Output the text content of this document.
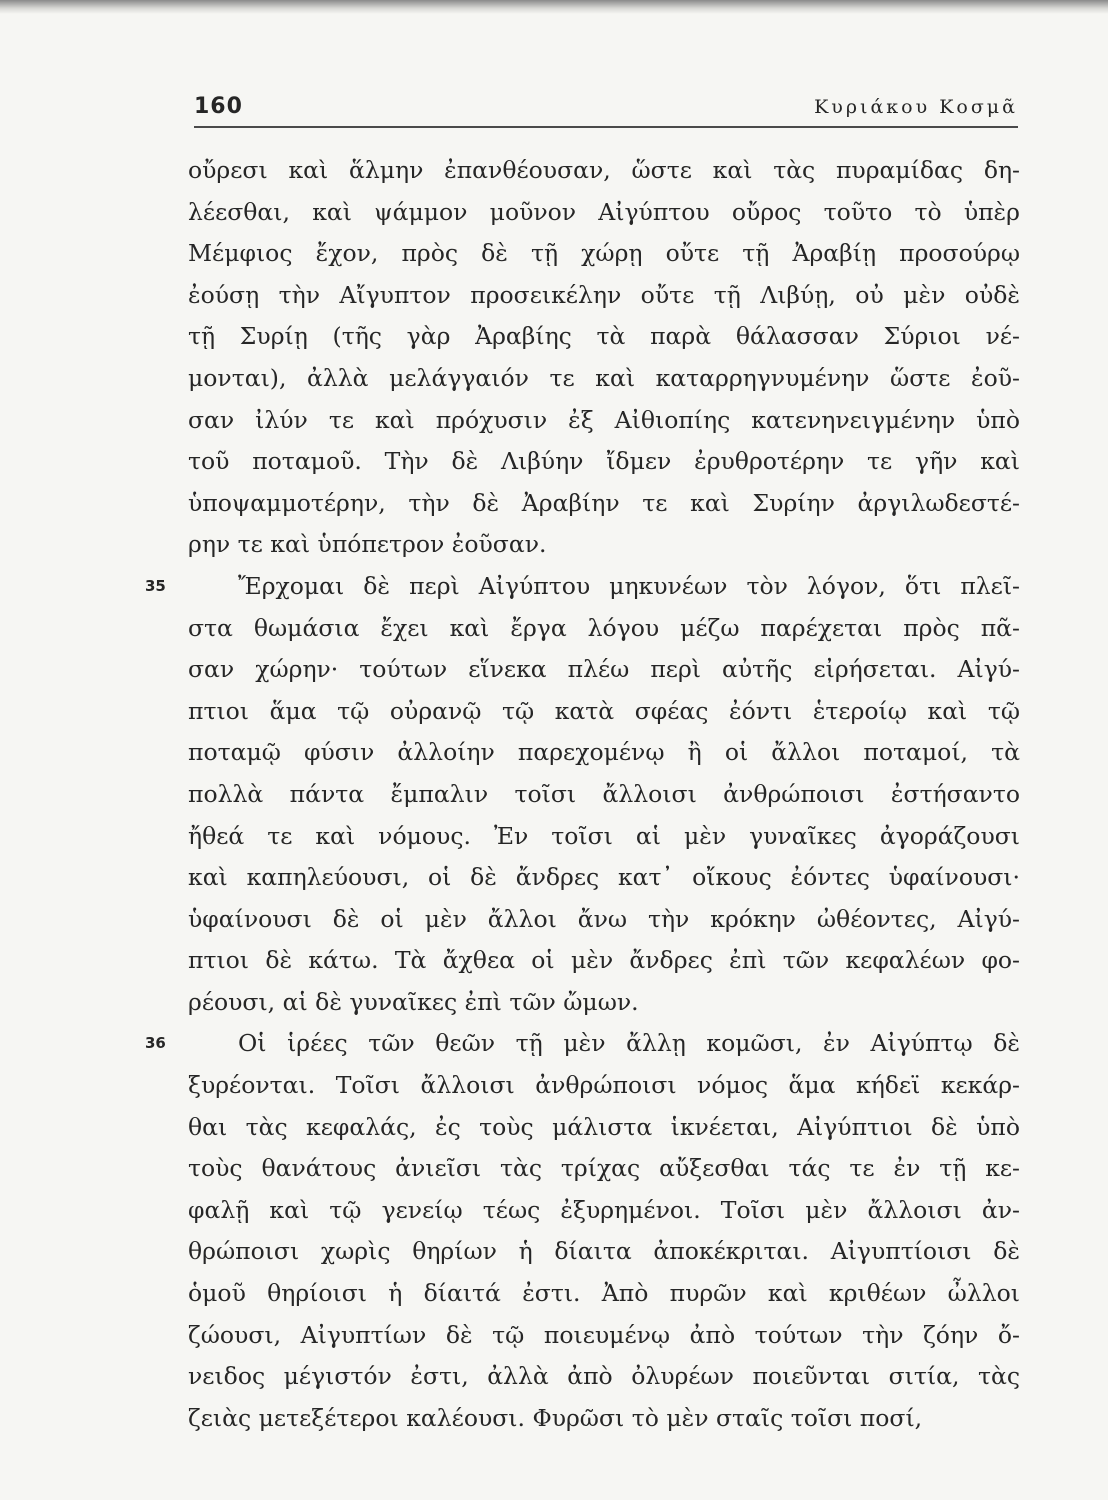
160	Κυριάκου Κοσμᾶ
οὔρεσι καὶ ἅλμην ἐπανθέουσαν, ὥστε καὶ τὰς πυραμίδας δη-
λέεσθαι, καὶ ψάμμον μοῦνον Αἰγύπτου οὔρος τοῦτο τὸ ὑπὲρ
Μέμφιος ἔχον, πρὸς δὲ τῇ χώρῃ οὔτε τῇ Ἀραβίῃ προσούρῳ
ἐούσῃ τὴν Αἴγυπτον προσεικέλην οὔτε τῇ Λιβύῃ, οὐ μὲν οὐδὲ
τῇ Συρίῃ (τῆς γὰρ Ἀραβίης τὰ παρὰ θάλασσαν Σύριοι νέ-
μονται), ἀλλὰ μελάγγαιόν τε καὶ καταρρηγνυμένην ὥστε ἐοῦ-
σαν ἰλύν τε καὶ πρόχυσιν ἐξ Αἰθιοπίης κατενηνειγμένην ὑπὸ
τοῦ ποταμοῦ. Τὴν δὲ Λιβύην ἴδμεν ἐρυθροτέρην τε γῆν καὶ
ὑποψαμμοτέρην, τὴν δὲ Ἀραβίην τε καὶ Συρίην ἀργιλωδεστέ-
ρην τε καὶ ὑπόπετρον ἐοῦσαν.
35	Ἔρχομαι δὲ περὶ Αἰγύπτου μηκυνέων τὸν λόγον, ὅτι πλεῖ-
στα θωμάσια ἔχει καὶ ἔργα λόγου μέζω παρέχεται πρὸς πᾶ-
σαν χώρην· τούτων εἵνεκα πλέω περὶ αὐτῆς εἰρήσεται. Αἰγύ-
πτιοι ἅμα τῷ οὐρανῷ τῷ κατὰ σφέας ἐόντι ἑτεροίῳ καὶ τῷ
ποταμῷ φύσιν ἀλλοίην παρεχομένῳ ἢ οἱ ἄλλοι ποταμοί, τὰ
πολλὰ πάντα ἔμπαλιν τοῖσι ἄλλοισι ἀνθρώποισι ἐστήσαντο
ἤθεά τε καὶ νόμους. Ἐν τοῖσι αἱ μὲν γυναῖκες ἀγοράζουσι
καὶ καπηλεύουσι, οἱ δὲ ἄνδρες κατ᾽ οἴκους ἐόντες ὑφαίνουσι·
ὑφαίνουσι δὲ οἱ μὲν ἄλλοι ἄνω τὴν κρόκην ὠθέοντες, Αἰγύ-
πτιοι δὲ κάτω. Τὰ ἄχθεα οἱ μὲν ἄνδρες ἐπὶ τῶν κεφαλέων φο-
ρέουσι, αἱ δὲ γυναῖκες ἐπὶ τῶν ὤμων.
36	Οἱ ἱρέες τῶν θεῶν τῇ μὲν ἄλλῃ κομῶσι, ἐν Αἰγύπτῳ δὲ
ξυρέονται. Τοῖσι ἄλλοισι ἀνθρώποισι νόμος ἅμα κήδεϊ κεκάρ-
θαι τὰς κεφαλάς, ἐς τοὺς μάλιστα ἱκνέεται, Αἰγύπτιοι δὲ ὑπὸ
τοὺς θανάτους ἀνιεῖσι τὰς τρίχας αὔξεσθαι τάς τε ἐν τῇ κε-
φαλῇ καὶ τῷ γενείῳ τέως ἐξυρημένοι. Τοῖσι μὲν ἄλλοισι ἀν-
θρώποισι χωρὶς θηρίων ἡ δίαιτα ἀποκέκριται. Αἰγυπτίοισι δὲ
ὁμοῦ θηρίοισι ἡ δίαιτά ἐστι. Ἀπὸ πυρῶν καὶ κριθέων ὦλλοι
ζώουσι, Αἰγυπτίων δὲ τῷ ποιευμένῳ ἀπὸ τούτων τὴν ζόην ὄ-
νειδος μέγιστόν ἐστι, ἀλλὰ ἀπὸ ὀλυρέων ποιεῦνται σιτία, τὰς
ζειὰς μετεξέτεροι καλέουσι. Φυρῶσι τὸ μὲν σταῖς τοῖσι ποσί,
